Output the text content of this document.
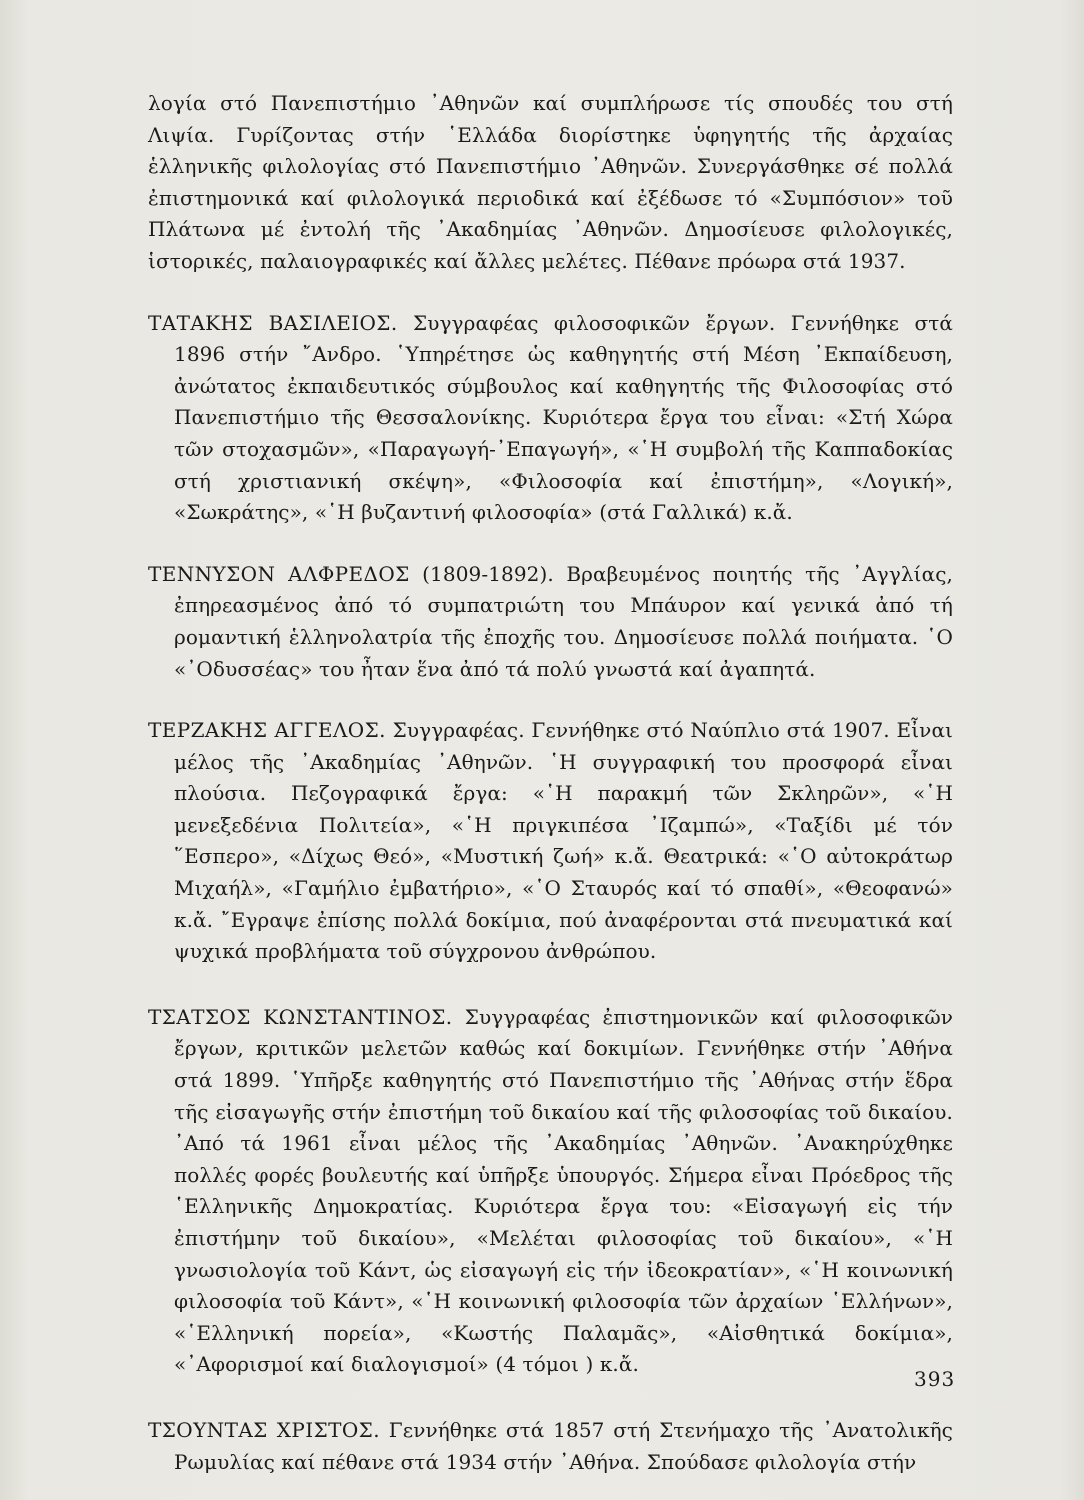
λογία στό Πανεπιστήμιο ᾿Αθηνῶν καί συμπλήρωσε τίς σπουδές του στή Λιψία. Γυρίζοντας στήν ῾Ελλάδα διορίστηκε ὑφηγητής τῆς ἀρχαίας ἑλληνικῆς φιλολογίας στό Πανεπιστήμιο ᾿Αθηνῶν. Συνεργάσθηκε σέ πολλά ἐπιστημονικά καί φιλολογικά περιοδικά καί ἐξέδωσε τό «Συμπόσιον» τοῦ Πλάτωνα μέ ἐντολή τῆς ᾿Ακαδημίας ᾿Αθηνῶν. Δημοσίευσε φιλολογικές, ἱστορικές, παλαιογραφικές καί ἄλλες μελέτες. Πέθανε πρόωρα στά 1937.

ΤΑΤΑΚΗΣ ΒΑΣΙΛΕΙΟΣ. Συγγραφέας φιλοσοφικῶν ἔργων. Γεννήθηκε στά 1896 στήν ῎Ανδρο. ῾Υπηρέτησε ὡς καθηγητής στή Μέση ᾿Εκπαίδευση, ἀνώτατος ἐκπαιδευτικός σύμβουλος καί καθηγητής τῆς Φιλοσοφίας στό Πανεπιστήμιο τῆς Θεσσαλονίκης. Κυριότερα ἔργα του εἶναι: «Στή Χώρα τῶν στοχασμῶν», «Παραγωγή-᾿Επαγωγή», «῾Η συμβολή τῆς Καππαδοκίας στή χριστιανική σκέψη», «Φιλοσοφία καί ἐπιστήμη», «Λογική», «Σωκράτης», «῾Η βυζαντινή φιλοσοφία» (στά Γαλλικά) κ.ἄ.

ΤΕΝΝΥΣΟΝ ΑΛΦΡΕΔΟΣ (1809-1892). Βραβευμένος ποιητής τῆς ᾿Αγγλίας, ἐπηρεασμένος ἀπό τό συμπατριώτη του Μπάυρον καί γενικά ἀπό τή ρομαντική ἑλληνολατρία τῆς ἐποχῆς του. Δημοσίευσε πολλά ποιήματα. ῾Ο «᾿Οδυσσέας» του ἦταν ἕνα ἀπό τά πολύ γνωστά καί ἀγαπητά.

ΤΕΡΖΑΚΗΣ ΑΓΓΕΛΟΣ. Συγγραφέας. Γεννήθηκε στό Ναύπλιο στά 1907. Εἶναι μέλος τῆς ᾿Ακαδημίας ᾿Αθηνῶν. ῾Η συγγραφική του προσφορά εἶναι πλούσια. Πεζογραφικά ἔργα: «῾Η παρακμή τῶν Σκληρῶν», «῾Η μενεξεδένια Πολιτεία», «῾Η πριγκιπέσα ᾿Ιζαμπώ», «Ταξίδι μέ τόν ῞Εσπερο», «Δίχως Θεό», «Μυστική ζωή» κ.ἄ. Θεατρικά: «῾Ο αὐτοκράτωρ Μιχαήλ», «Γαμήλιο ἐμβατήριο», «῾Ο Σταυρός καί τό σπαθί», «Θεοφανώ» κ.ἄ. ῎Εγραψε ἐπίσης πολλά δοκίμια, πού ἀναφέρονται στά πνευματικά καί ψυχικά προβλήματα τοῦ σύγχρονου ἀνθρώπου.

ΤΣΑΤΣΟΣ ΚΩΝΣΤΑΝΤΙΝΟΣ. Συγγραφέας ἐπιστημονικῶν καί φιλοσοφικῶν ἔργων, κριτικῶν μελετῶν καθώς καί δοκιμίων. Γεννήθηκε στήν ᾿Αθήνα στά 1899. ῾Υπῆρξε καθηγητής στό Πανεπιστήμιο τῆς ᾿Αθήνας στήν ἕδρα τῆς εἰσαγωγῆς στήν ἐπιστήμη τοῦ δικαίου καί τῆς φιλοσοφίας τοῦ δικαίου. ᾿Από τά 1961 εἶναι μέλος τῆς ᾿Ακαδημίας ᾿Αθηνῶν. ᾿Ανακηρύχθηκε πολλές φορές βουλευτής καί ὑπῆρξε ὑπουργός. Σήμερα εἶναι Πρόεδρος τῆς ῾Ελληνικῆς Δημοκρατίας. Κυριότερα ἔργα του: «Εἰσαγωγή εἰς τήν ἐπιστήμην τοῦ δικαίου», «Μελέται φιλοσοφίας τοῦ δικαίου», «῾Η γνωσιολογία τοῦ Κάντ, ὡς εἰσαγωγή εἰς τήν ἰδεοκρατίαν», «῾Η κοινωνική φιλοσοφία τοῦ Κάντ», «῾Η κοινωνική φιλοσοφία τῶν ἀρχαίων ῾Ελλήνων», «῾Ελληνική πορεία», «Κωστής Παλαμᾶς», «Αἰσθητικά δοκίμια», «᾿Αφορισμοί καί διαλογισμοί» (4 τόμοι ) κ.ἄ.

ΤΣΟΥΝΤΑΣ ΧΡΙΣΤΟΣ. Γεννήθηκε στά 1857 στή Στενήμαχο τῆς ᾿Ανατολικῆς Ρωμυλίας καί πέθανε στά 1934 στήν ᾿Αθήνα. Σπούδασε φιλολογία στήν

393
